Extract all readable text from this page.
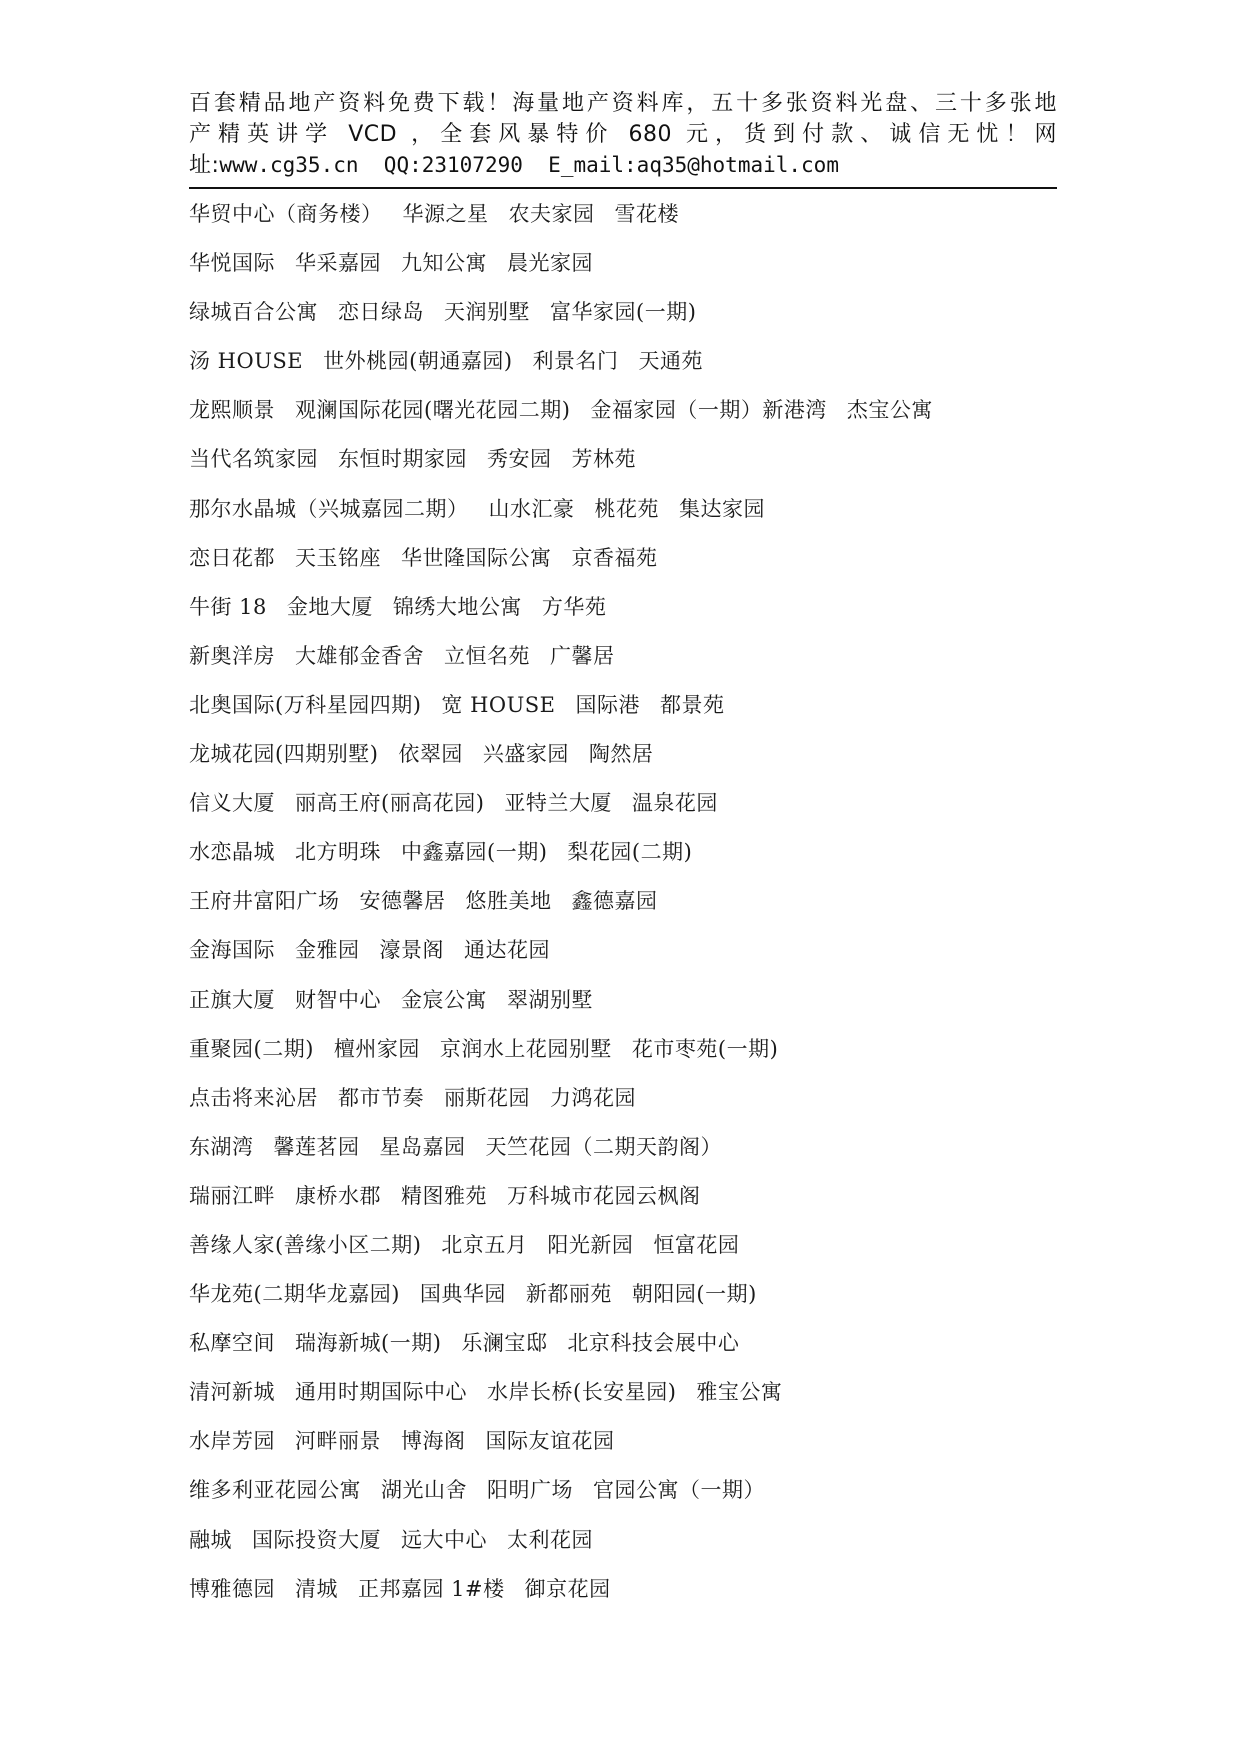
百套精品地产资料免费下载！海量地产资料库，五十多张资料光盘、三十多张地
产精英讲学 VCD ，全套风暴特价 680 元，货到付款、诚信无忧！网
址:www.cg35.cn QQ:23107290 E_mail:aq35@hotmail.com
华贸中心（商务楼） 华源之星 农夫家园 雪花楼
华悦国际 华采嘉园 九知公寓 晨光家园
绿城百合公寓 恋日绿岛 天润别墅 富华家园(一期)
汤 HOUSE 世外桃园(朝通嘉园) 利景名门 天通苑
龙熙顺景 观澜国际花园(曙光花园二期) 金福家园（一期）新港湾 杰宝公寓
当代名筑家园 东恒时期家园 秀安园 芳林苑
那尔水晶城（兴城嘉园二期） 山水汇豪 桃花苑 集达家园
恋日花都 天玉铭座 华世隆国际公寓 京香福苑
牛街 18 金地大厦 锦绣大地公寓 方华苑
新奥洋房 大雄郁金香舍 立恒名苑 广馨居
北奥国际(万科星园四期) 宽 HOUSE 国际港 都景苑
龙城花园(四期别墅) 依翠园 兴盛家园 陶然居
信义大厦 丽高王府(丽高花园) 亚特兰大厦 温泉花园
水恋晶城 北方明珠 中鑫嘉园(一期) 梨花园(二期)
王府井富阳广场 安德馨居 悠胜美地 鑫德嘉园
金海国际 金雅园 濠景阁 通达花园
正旗大厦 财智中心 金宸公寓 翠湖别墅
重聚园(二期) 檀州家园 京润水上花园别墅 花市枣苑(一期)
点击将来沁居 都市节奏 丽斯花园 力鸿花园
东湖湾 馨莲茗园 星岛嘉园 天竺花园（二期天韵阁）
瑞丽江畔 康桥水郡 精图雅苑 万科城市花园云枫阁
善缘人家(善缘小区二期) 北京五月 阳光新园 恒富花园
华龙苑(二期华龙嘉园) 国典华园 新都丽苑 朝阳园(一期)
私摩空间 瑞海新城(一期) 乐澜宝邸 北京科技会展中心
清河新城 通用时期国际中心 水岸长桥(长安星园) 雅宝公寓
水岸芳园 河畔丽景 博海阁 国际友谊花园
维多利亚花园公寓 湖光山舍 阳明广场 官园公寓（一期）
融城 国际投资大厦 远大中心 太利花园
博雅德园 清城 正邦嘉园 1#楼 御京花园
